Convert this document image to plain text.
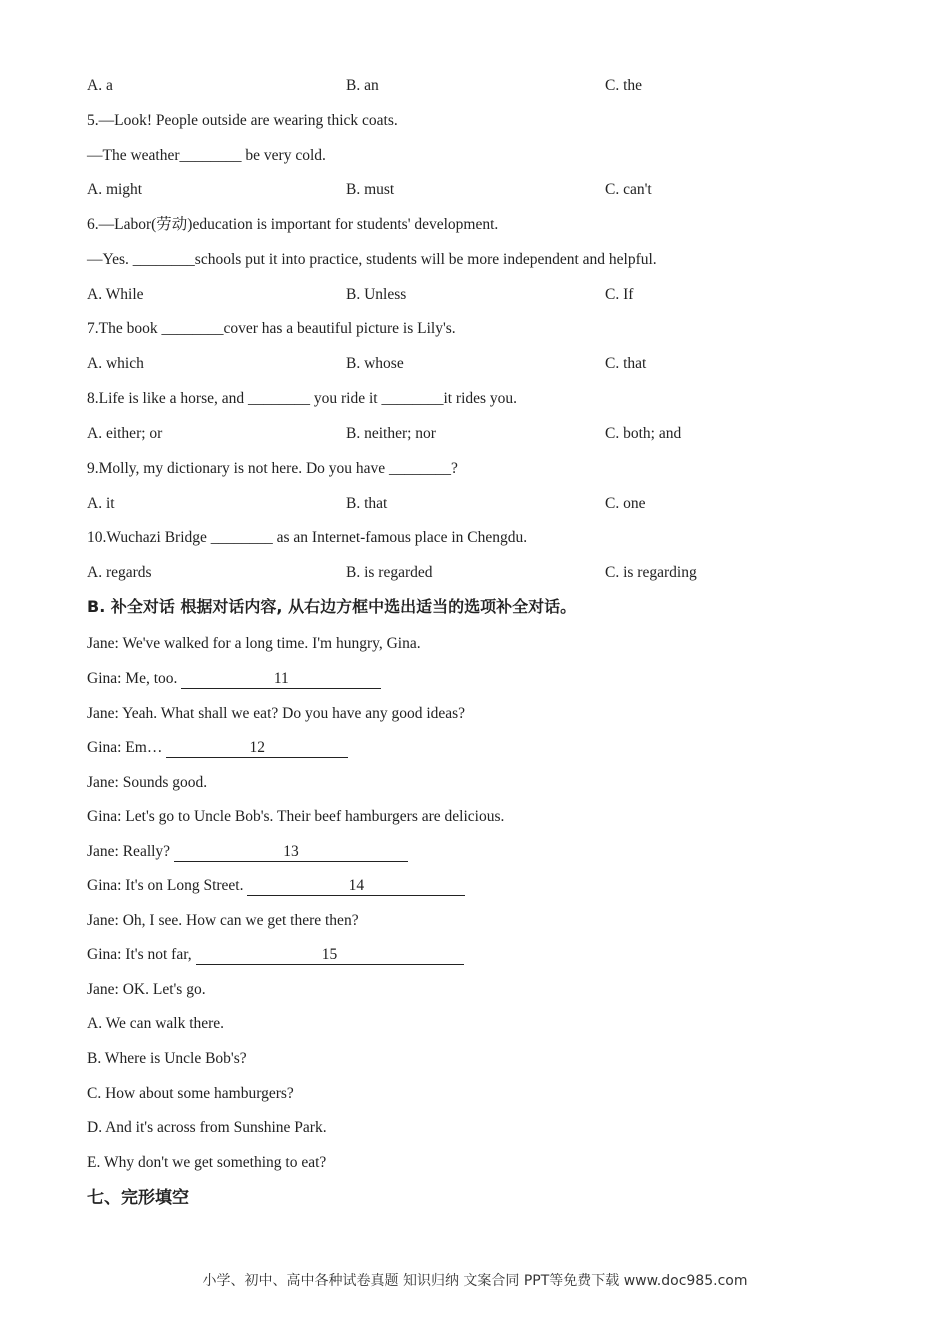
A. a	B. an	C. the
5.—Look! People outside are wearing thick coats.
—The weather________ be very cold.
A. might	B. must	C. can't
6.—Labor(劳动)education is important for students' development.
—Yes. ________schools put it into practice, students will be more independent and helpful.
A. While	B. Unless	C. If
7.The book ________cover has a beautiful picture is Lily's.
A. which	B. whose	C. that
8.Life is like a horse, and ________ you ride it ________it rides you.
A. either; or	B. neither; nor	C. both; and
9.Molly, my dictionary is not here. Do you have ________?
A. it	B. that	C. one
10.Wuchazi Bridge ________ as an Internet-famous place in Chengdu.
A. regards	B. is regarded	C. is regarding
B. 补全对话 根据对话内容, 从右边方框中选出适当的选项补全对话。
Jane: We've walked for a long time. I'm hungry, Gina.
Gina: Me, too.	11
Jane: Yeah. What shall we eat? Do you have any good ideas?
Gina: Em…	12
Jane: Sounds good.
Gina: Let's go to Uncle Bob's. Their beef hamburgers are delicious.
Jane: Really?	13
Gina: It's on Long Street.	14
Jane: Oh, I see. How can we get there then?
Gina: It's not far,	15
Jane: OK. Let's go.
A. We can walk there.
B. Where is Uncle Bob's?
C. How about some hamburgers?
D. And it's across from Sunshine Park.
E. Why don't we get something to eat?
七、完形填空
小学、初中、高中各种试卷真题 知识归纳 文案合同 PPT等免费下载 www.doc985.com
